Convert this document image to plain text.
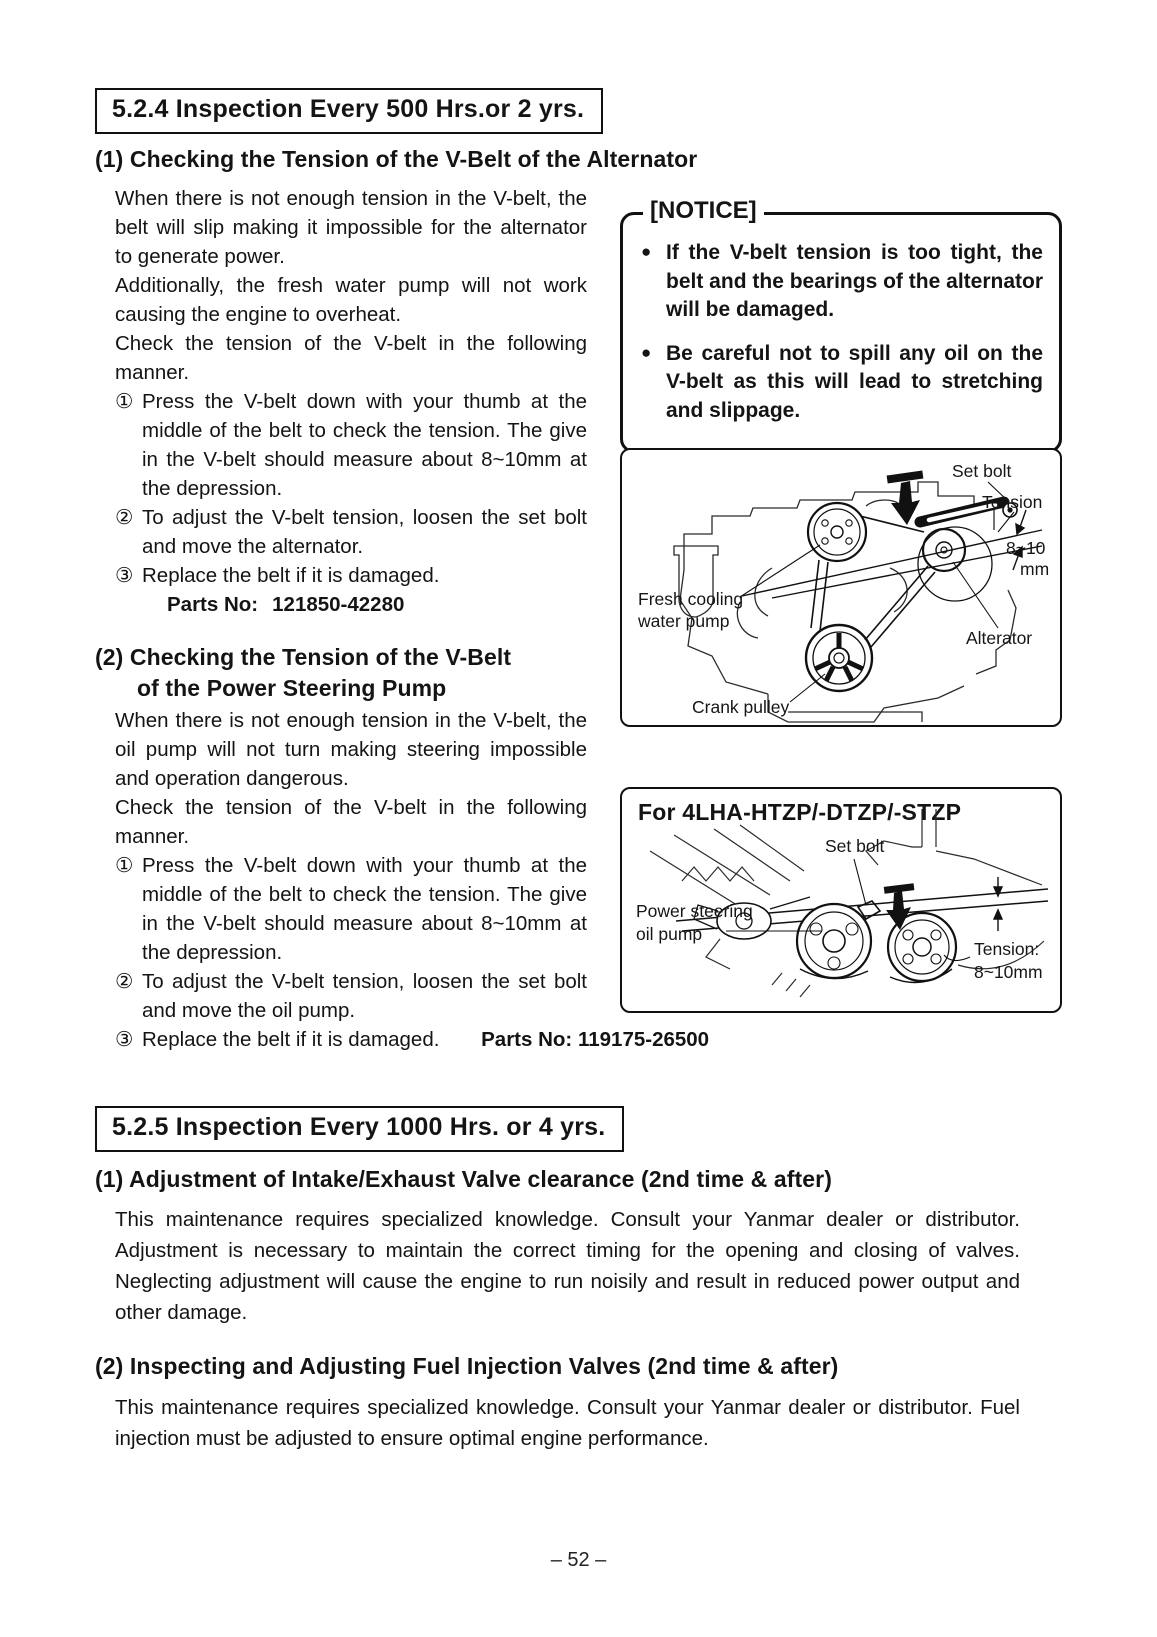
5.2.4 Inspection Every 500 Hrs.or 2 yrs.
(1) Checking the Tension of the V-Belt of the Alternator

When there is not enough tension in the V-belt, the belt will slip making it impossible for the alternator to generate power.

Additionally, the fresh water pump will not work causing the engine to overheat.

Check the tension of the V-belt in the following manner.

① Press the V-belt down with your thumb at the middle of the belt to check the tension. The give in the V-belt should measure about 8~10mm at the depression.
② To adjust the V-belt tension, loosen the set bolt and move the alternator.
③ Replace the belt if it is damaged.
Parts No: 121850-42280
(2) Checking the Tension of the V-Belt
of the Power Steering Pump

When there is not enough tension in the V-belt, the oil pump will not turn making steering impossible and operation dangerous.

Check the tension of the V-belt in the following manner.

① Press the V-belt down with your thumb at the middle of the belt to check the tension. The give in the V-belt should measure about 8~10mm at the depression.
② To adjust the V-belt tension, loosen the set bolt and move the oil pump.
③ Replace the belt if it is damaged. Parts No: 119175-26500
[NOTICE]
● If the V-belt tension is too tight, the belt and the bearings of the alternator will be damaged.
● Be careful not to spill any oil on the V-belt as this will lead to stretching and slippage.
Set bolt
Tension
8~10
mm
Fresh cooling
water pump
Alterator
Crank pulley
For 4LHA-HTZP/-DTZP/-STZP
Set bolt
Power steering
oil pump
Tension:
8~10mm
5.2.5 Inspection Every 1000 Hrs. or 4 yrs.
(1) Adjustment of Intake/Exhaust Valve clearance (2nd time & after)
This maintenance requires specialized knowledge. Consult your Yanmar dealer or distributor. Adjustment is necessary to maintain the correct timing for the opening and closing of valves. Neglecting adjustment will cause the engine to run noisily and result in reduced power output and other damage.
(2) Inspecting and Adjusting Fuel Injection Valves (2nd time & after)
This maintenance requires specialized knowledge. Consult your Yanmar dealer or distributor. Fuel injection must be adjusted to ensure optimal engine performance.
– 52 –
